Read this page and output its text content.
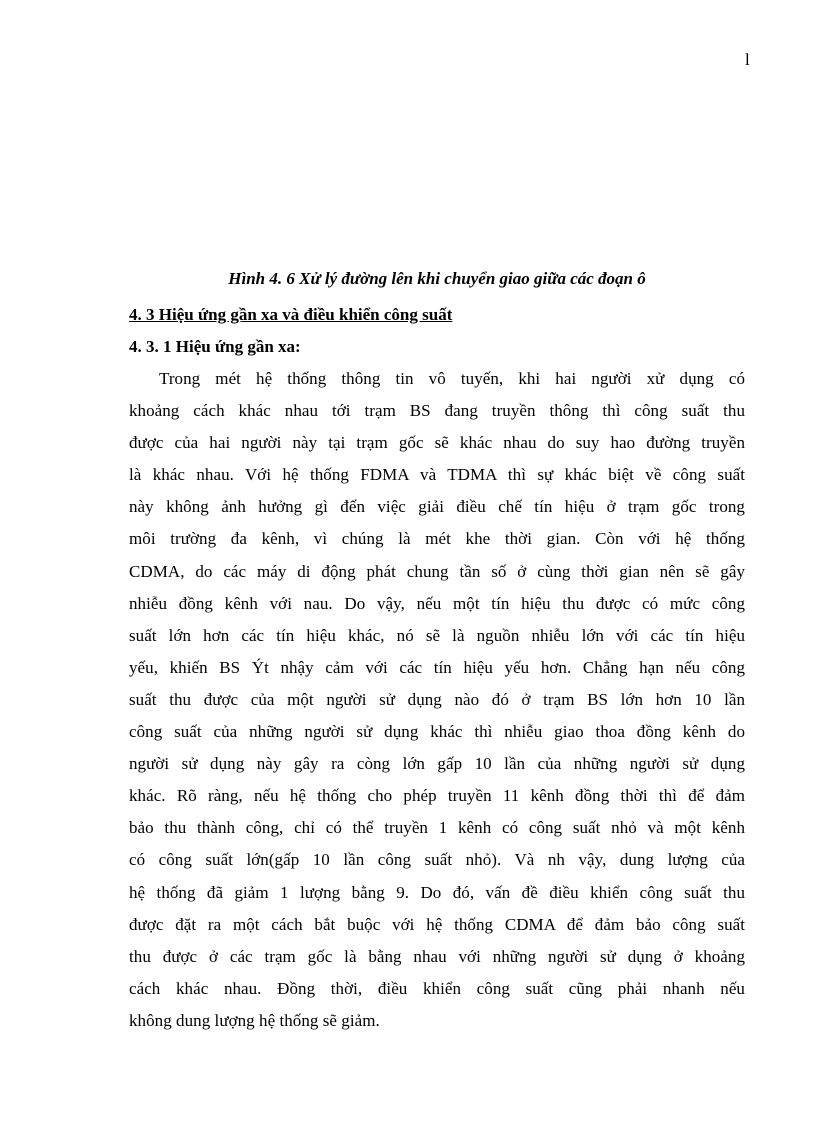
l
Hình 4. 6 Xử lý đường lên khi chuyển giao giữa các đoạn ô
4. 3 Hiệu ứng gần xa và điều khiển công suất
4. 3. 1 Hiệu ứng gần xa:
Trong mét hệ thống thông tin vô tuyến, khi hai người xử dụng có
khoảng cách khác nhau tới trạm BS đang truyền thông thì công suất thu
được của hai người này tại trạm gốc sẽ khác nhau do suy hao đường truyền
là khác nhau. Với hệ thống FDMA và TDMA thì sự khác biệt về công suất
này không ảnh hưởng gì đến việc giải điều chế tín hiệu ở trạm gốc trong
môi trường đa kênh, vì chúng là mét khe thời gian. Còn với hệ thống
CDMA, do các máy di động phát chung tần số ở cùng thời gian nên sẽ gây
nhiễu đồng kênh với nau. Do vậy, nếu một tín hiệu thu được có mức công
suất lớn hơn các tín hiệu khác, nó sẽ là nguồn nhiễu lớn với các tín hiệu
yếu, khiến BS Ýt nhậy cảm với các tín hiệu yếu hơn. Chẳng hạn nếu công
suất thu được của một người sử dụng nào đó ở trạm BS lớn hơn 10 lần
công suất của những người sử dụng khác thì nhiễu giao thoa đồng kênh do
người sử dụng này gây ra còng lớn gấp 10 lần của những người sử dụng
khác. Rõ ràng, nếu hệ thống cho phép truyền 11 kênh đồng thời thì để đảm
bảo thu thành công, chỉ có thể truyền 1 kênh có công suất nhỏ và một kênh
có công suất lớn(gấp 10 lần công suất nhỏ). Và nh vậy, dung lượng của
hệ thống đã giảm 1 lượng bằng 9. Do đó, vấn đề điều khiển công suất thu
được đặt ra một cách bắt buộc với hệ thống CDMA để đảm bảo công suất
thu được ở các trạm gốc là bằng nhau với những người sử dụng ở khoảng
cách khác nhau. Đồng thời, điều khiển công suất cũng phải nhanh nếu
không dung lượng hệ thống sẽ giảm.
